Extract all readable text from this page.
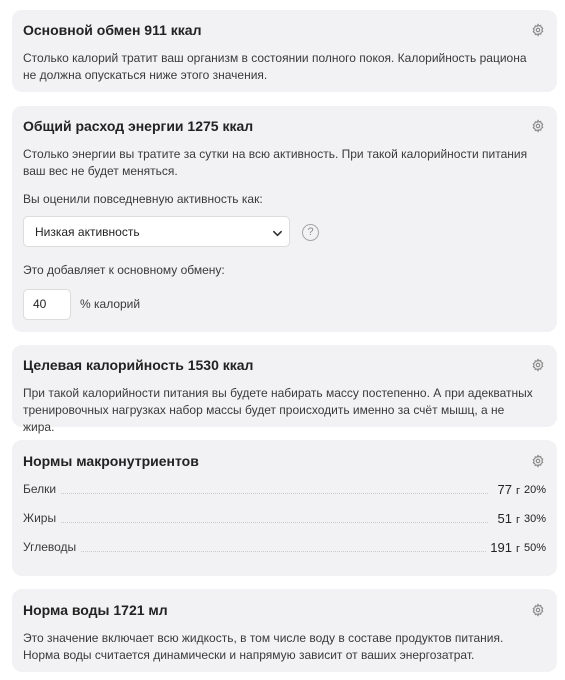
Основной обмен 911 ккал
Столько калорий тратит ваш организм в состоянии полного покоя. Калорийность рациона не должна опускаться ниже этого значения.
Общий расход энергии 1275 ккал
Столько энергии вы тратите за сутки на всю активность. При такой калорийности питания ваш вес не будет меняться.
Вы оценили повседневную активность как:
Низкая активность	?
Это добавляет к основному обмену:
40	% калорий
Целевая калорийность 1530 ккал
При такой калорийности питания вы будете набирать массу постепенно. А при адекватных тренировочных нагрузках набор массы будет происходить именно за счёт мышц, а не жира.
Нормы макронутриентов
Белки	77 г 20%
Жиры	51 г 30%
Углеводы	191 г 50%
Норма воды 1721 мл
Это значение включает всю жидкость, в том числе воду в составе продуктов питания. Норма воды считается динамически и напрямую зависит от ваших энергозатрат.
